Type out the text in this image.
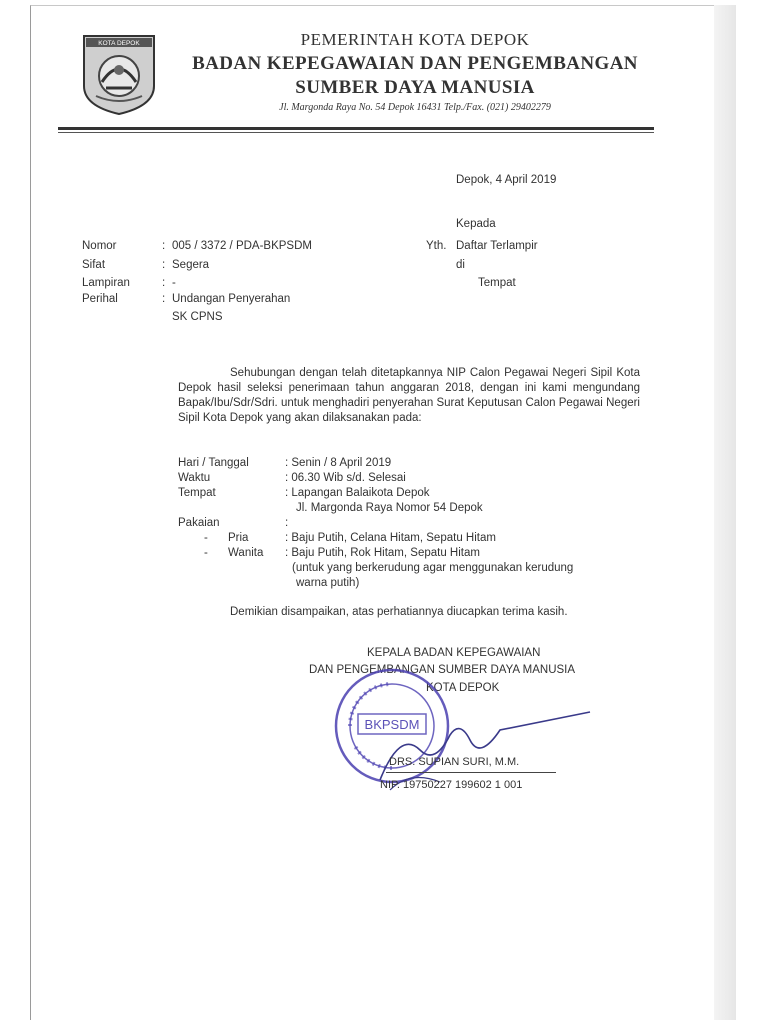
KOTA DEPOK	PEMERINTAH KOTA DEPOK
BADAN KEPEGAWAIAN DAN PENGEMBANGAN
SUMBER DAYA MANUSIA
Jl. Margonda Raya No. 54 Depok 16431 Telp./Fax. (021) 29402279
Depok, 4 April 2019
Kepada
Yth. Daftar Terlampir
di
Tempat
Nomor	: 005 / 3372 / PDA-BKPSDM
Sifat	: Segera
Lampiran	: -
Perihal	: Undangan Penyerahan
SK CPNS
Sehubungan dengan telah ditetapkannya NIP Calon Pegawai Negeri Sipil Kota Depok hasil seleksi penerimaan tahun anggaran 2018, dengan ini kami mengundang Bapak/Ibu/Sdr/Sdri. untuk menghadiri penyerahan Surat Keputusan Calon Pegawai Negeri Sipil Kota Depok yang akan dilaksanakan pada:
Hari / Tanggal	: Senin / 8 April 2019
Waktu	: 06.30 Wib s/d. Selesai
Tempat	: Lapangan Balaikota Depok
Jl. Margonda Raya Nomor 54 Depok
Pakaian	:
- Pria	: Baju Putih, Celana Hitam, Sepatu Hitam
- Wanita : Baju Putih, Rok Hitam, Sepatu Hitam
(untuk yang berkerudung agar menggunakan kerudung
warna putih)
Demikian disampaikan, atas perhatiannya diucapkan terima kasih.
KEPALA BADAN KEPEGAWAIAN
DAN PENGEMBANGAN SUMBER DAYA MANUSIA
KOTA DEPOK
BKPSDM
DRS. SUPIAN SURI, M.M.
NIP. 19750227 199602 1 001
